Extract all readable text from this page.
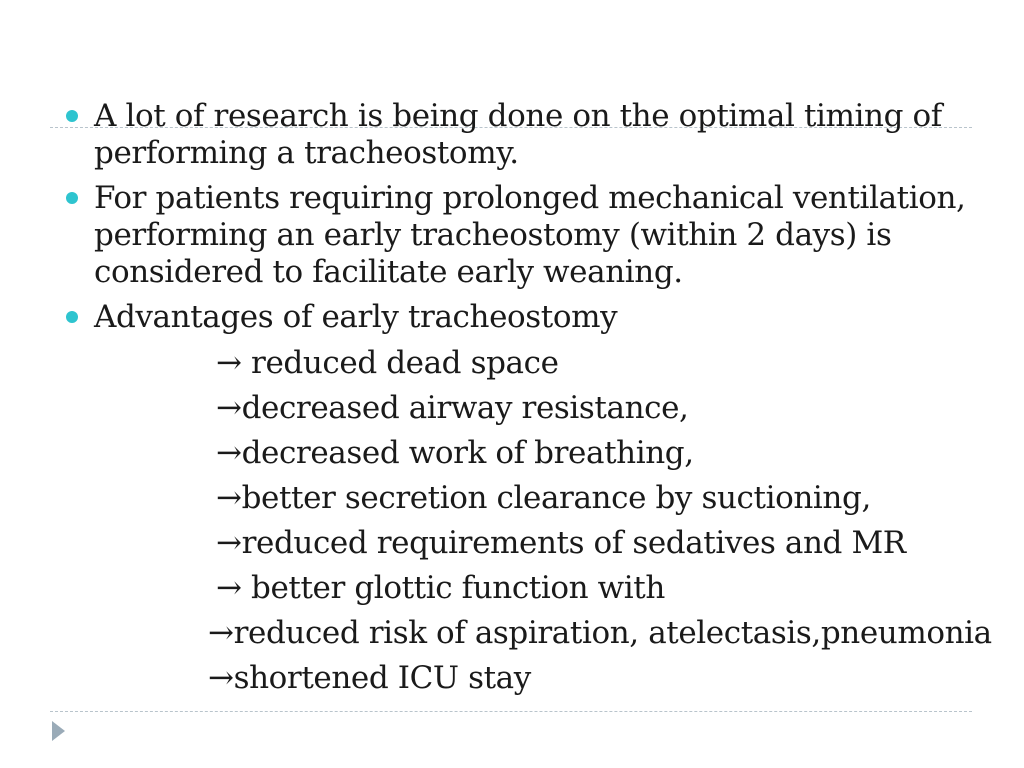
A lot of research is being done on the optimal timing of performing a tracheostomy.
For patients requiring prolonged mechanical ventilation, performing an early tracheostomy (within 2 days) is considered to facilitate early weaning.
Advantages of early tracheostomy
→ reduced dead space
→decreased airway resistance,
→decreased work of breathing,
→better secretion clearance by suctioning,
→reduced requirements of sedatives and MR
→ better glottic function with
→reduced risk of aspiration, atelectasis,pneumonia
→shortened ICU stay
